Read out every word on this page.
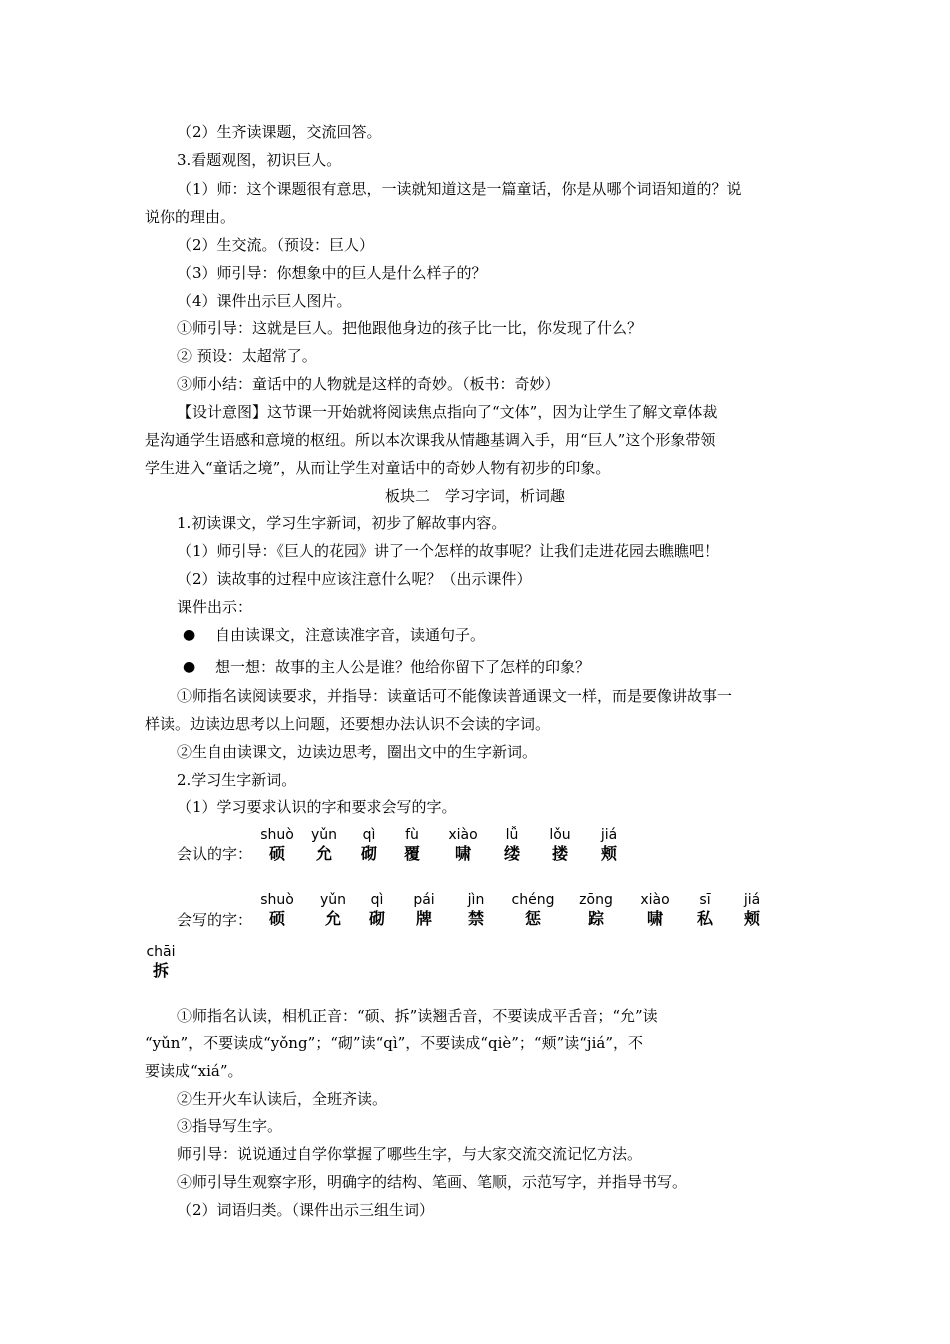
（2）生齐读课题，交流回答。
3.看题观图，初识巨人。
（1）师：这个课题很有意思，一读就知道这是一篇童话，你是从哪个词语知道的？说
说你的理由。
（2）生交流。（预设：巨人）
（3）师引导：你想象中的巨人是什么样子的？
（4）课件出示巨人图片。
①师引导：这就是巨人。把他跟他身边的孩子比一比，你发现了什么？
② 预设：太超常了。
③师小结：童话中的人物就是这样的奇妙。（板书：奇妙）
【设计意图】这节课一开始就将阅读焦点指向了“文体”，因为让学生了解文章体裁
是沟通学生语感和意境的枢纽。所以本次课我从情趣基调入手，用“巨人”这个形象带领
学生进入“童话之境”，从而让学生对童话中的奇妙人物有初步的印象。
板块二　学习字词，析词趣
1.初读课文，学习生字新词，初步了解故事内容。
（1）师引导：《巨人的花园》讲了一个怎样的故事呢？让我们走进花园去瞧瞧吧！
（2）读故事的过程中应该注意什么呢？（出示课件）
课件出示：
● 自由读课文，注意读准字音，读通句子。
● 想一想：故事的主人公是谁？他给你留下了怎样的印象？
①师指名读阅读要求，并指导：读童话可不能像读普通课文一样，而是要像讲故事一
样读。边读边思考以上问题，还要想办法认识不会读的字词。
②生自由读课文，边读边思考，圈出文中的生字新词。
2.学习生字新词。
（1）学习要求认识的字和要求会写的字。
会认的字：
shuò
硕
yǔn
允
qì
砌
fù
覆
xiào
啸
lǚ
缕
lǒu
搂
jiá
颊
会写的字：
shuò
硕
yǔn
允
qì
砌
pái
牌
jìn
禁
chéng
惩
zōng
踪
xiào
啸
sī
私
jiá
颊
chāi
拆
①师指名认读，相机正音：“硕、拆”读翘舌音，不要读成平舌音；“允”读
“yǔn”，不要读成“yǒng”；“砌”读“qì”，不要读成“qiè”；“颊”读“jiá”，不
要读成“xiá”。
②生开火车认读后，全班齐读。
③指导写生字。
师引导：说说通过自学你掌握了哪些生字，与大家交流交流记忆方法。
④师引导生观察字形，明确字的结构、笔画、笔顺，示范写字，并指导书写。
（2）词语归类。（课件出示三组生词）
